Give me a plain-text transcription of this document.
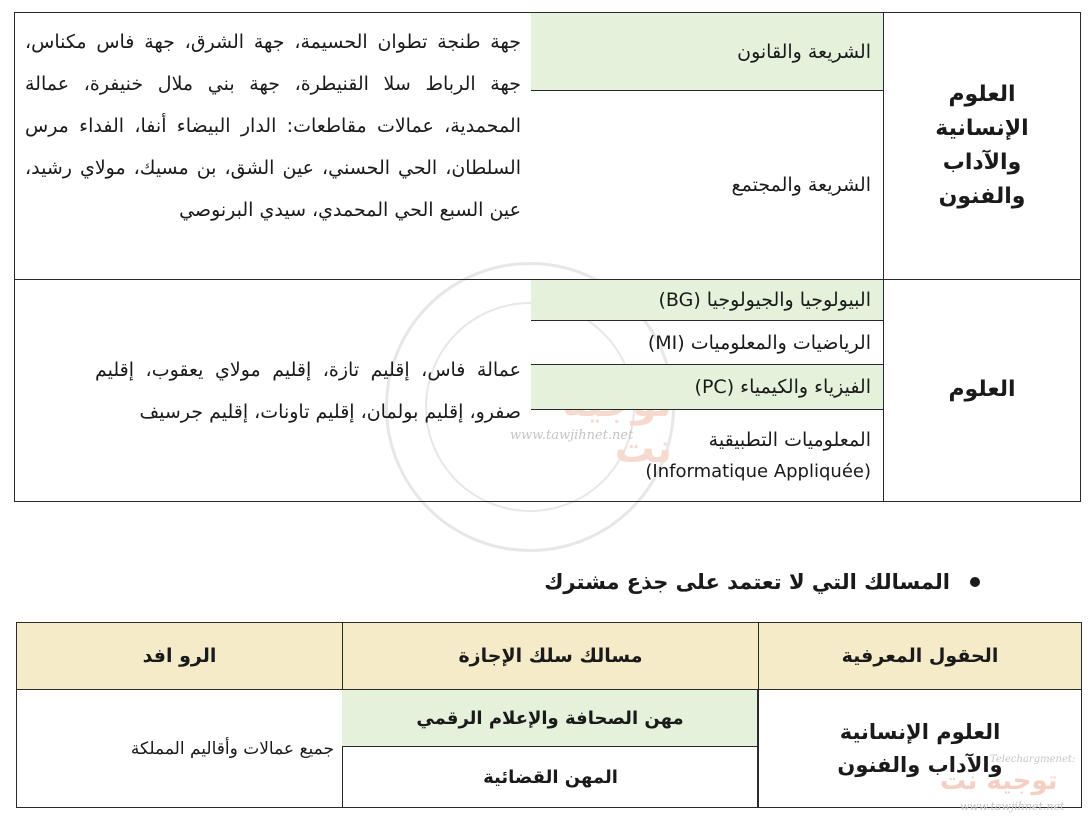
نت
www.tawjihnet.net
العلوم الإنسانية والآداب والفنون
الشريعة والقانون
الشريعة والمجتمع
جهة طنجة تطوان الحسيمة، جهة الشرق، جهة فاس مكناس، جهة الرباط سلا القنيطرة، جهة بني ملال خنيفرة، عمالة المحمدية، عمالات مقاطعات: الدار البيضاء أنفا، الفداء مرس السلطان، الحي الحسني، عين الشق، بن مسيك، مولاي رشيد، عين السبع الحي المحمدي، سيدي البرنوصي
العلوم
البيولوجيا والجيولوجيا (BG)
الرياضيات والمعلوميات (MI)
الفيزياء والكيمياء (PC)
المعلوميات التطبيقية
(Informatique Appliquée)
عمالة فاس، إقليم تازة، إقليم مولاي يعقوب، إقليم صفرو، إقليم بولمان، إقليم تاونات، إقليم جرسيف
المسالك التي لا تعتمد على جذع مشترك
الحقول المعرفية
مسالك سلك الإجازة
الرو افد
العلوم الإنسانية والآداب والفنون
مهن الصحافة والإعلام الرقمي
المهن القضائية
جميع عمالات وأقاليم المملكة
Telechargmenet:
توجيه نت
www.tawjihnet.net
